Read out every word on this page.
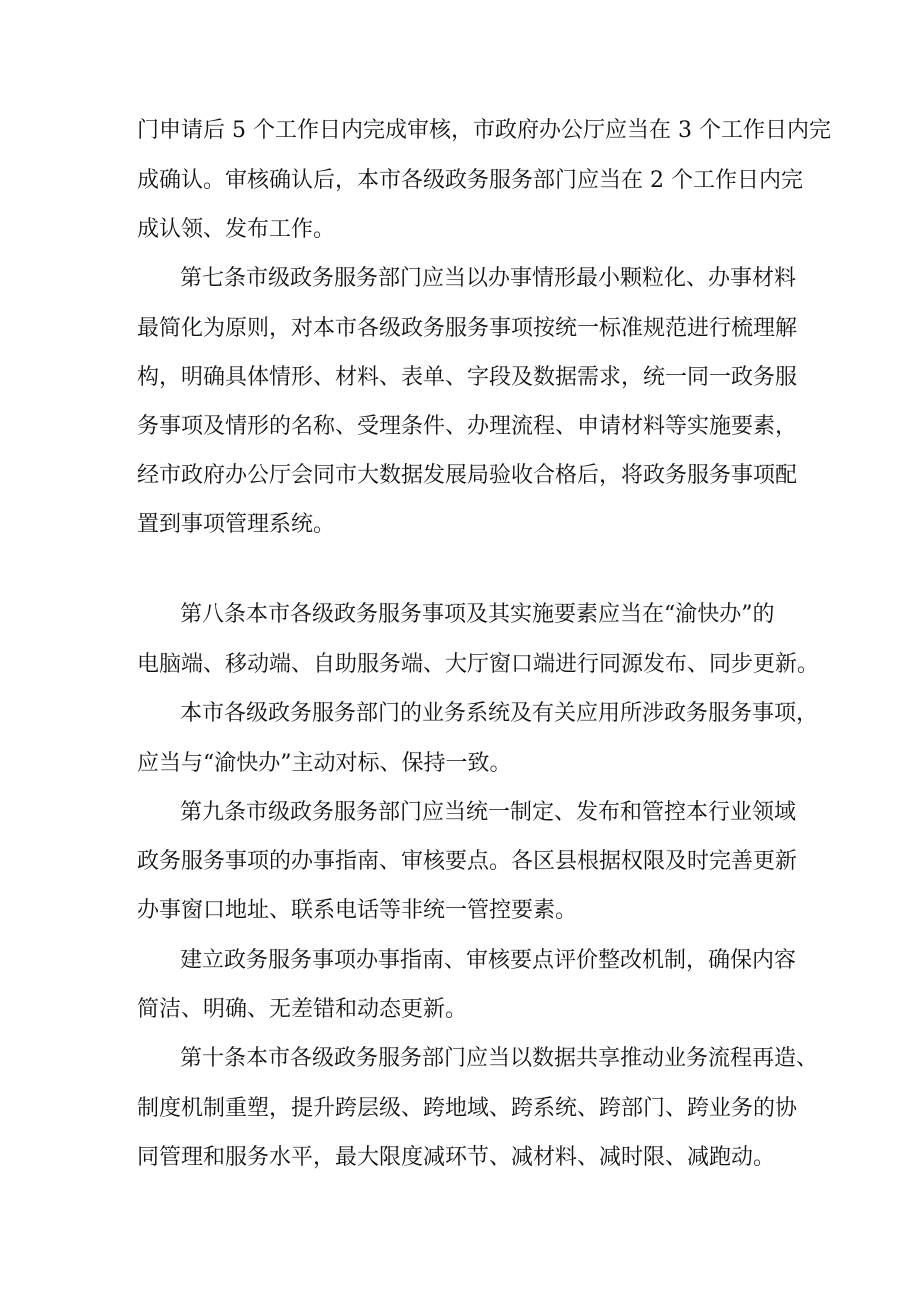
门申请后 5 个工作日内完成审核，市政府办公厅应当在 3 个工作日内完
成确认。审核确认后，本市各级政务服务部门应当在 2 个工作日内完
成认领、发布工作。
第七条市级政务服务部门应当以办事情形最小颗粒化、办事材料
最简化为原则，对本市各级政务服务事项按统一标准规范进行梳理解
构，明确具体情形、材料、表单、字段及数据需求，统一同一政务服
务事项及情形的名称、受理条件、办理流程、申请材料等实施要素，
经市政府办公厅会同市大数据发展局验收合格后，将政务服务事项配
置到事项管理系统。
第八条本市各级政务服务事项及其实施要素应当在“渝快办”的
电脑端、移动端、自助服务端、大厅窗口端进行同源发布、同步更新。
本市各级政务服务部门的业务系统及有关应用所涉政务服务事项，
应当与“渝快办”主动对标、保持一致。
第九条市级政务服务部门应当统一制定、发布和管控本行业领域
政务服务事项的办事指南、审核要点。各区县根据权限及时完善更新
办事窗口地址、联系电话等非统一管控要素。
建立政务服务事项办事指南、审核要点评价整改机制，确保内容
简洁、明确、无差错和动态更新。
第十条本市各级政务服务部门应当以数据共享推动业务流程再造、
制度机制重塑，提升跨层级、跨地域、跨系统、跨部门、跨业务的协
同管理和服务水平，最大限度减环节、减材料、减时限、减跑动。
